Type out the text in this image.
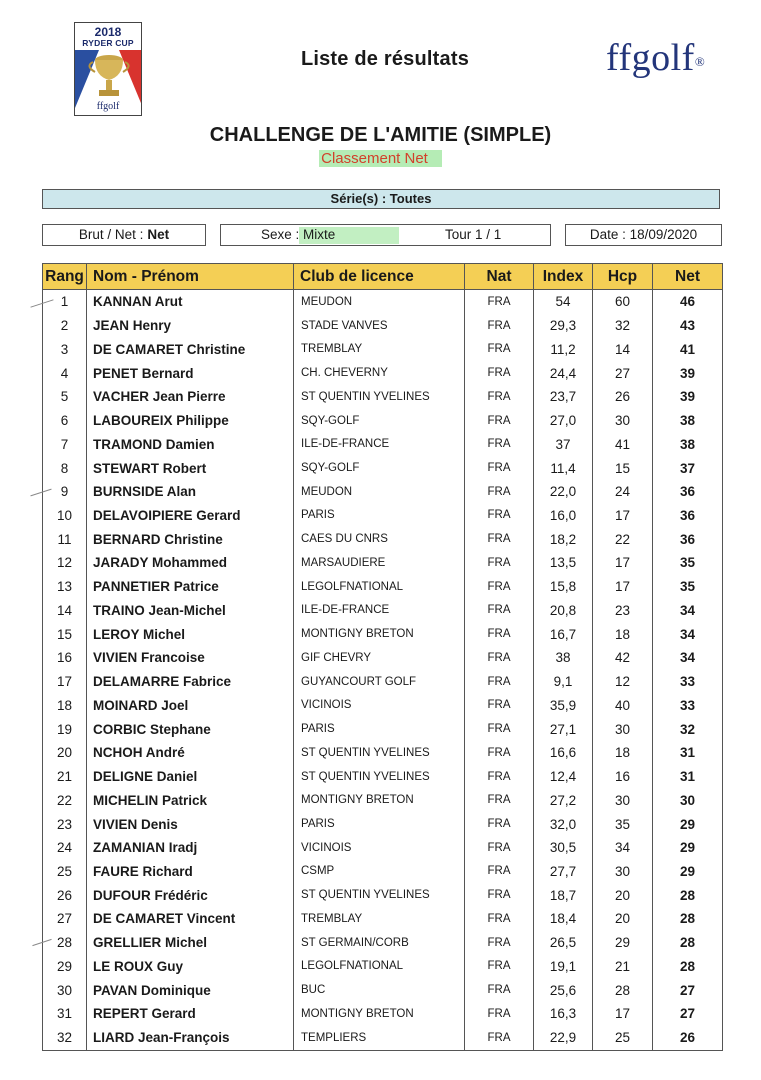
2018
RYDER CUP
ffgolf
Liste de résultats	ffgolf®
CHALLENGE DE L'AMITIE (SIMPLE)
Classement Net
Série(s) : Toutes
Brut / Net : Net	Sexe : Mixte	Tour 1 / 1	Date : 18/09/2020
Rang	Nom - Prénom	Club de licence	Nat	Index	Hcp	Net
1	KANNAN Arut	MEUDON	FRA	54	60	46
2	JEAN Henry	STADE VANVES	FRA	29,3	32	43
3	DE CAMARET Christine	TREMBLAY	FRA	11,2	14	41
4	PENET Bernard	CH. CHEVERNY	FRA	24,4	27	39
5	VACHER Jean Pierre	ST QUENTIN YVELINES	FRA	23,7	26	39
6	LABOUREIX Philippe	SQY-GOLF	FRA	27,0	30	38
7	TRAMOND Damien	ILE-DE-FRANCE	FRA	37	41	38
8	STEWART Robert	SQY-GOLF	FRA	11,4	15	37
9	BURNSIDE Alan	MEUDON	FRA	22,0	24	36
10	DELAVOIPIERE Gerard	PARIS	FRA	16,0	17	36
11	BERNARD Christine	CAES DU CNRS	FRA	18,2	22	36
12	JARADY Mohammed	MARSAUDIERE	FRA	13,5	17	35
13	PANNETIER Patrice	LEGOLFNATIONAL	FRA	15,8	17	35
14	TRAINO Jean-Michel	ILE-DE-FRANCE	FRA	20,8	23	34
15	LEROY Michel	MONTIGNY BRETON	FRA	16,7	18	34
16	VIVIEN Francoise	GIF CHEVRY	FRA	38	42	34
17	DELAMARRE Fabrice	GUYANCOURT GOLF	FRA	9,1	12	33
18	MOINARD Joel	VICINOIS	FRA	35,9	40	33
19	CORBIC Stephane	PARIS	FRA	27,1	30	32
20	NCHOH André	ST QUENTIN YVELINES	FRA	16,6	18	31
21	DELIGNE Daniel	ST QUENTIN YVELINES	FRA	12,4	16	31
22	MICHELIN Patrick	MONTIGNY BRETON	FRA	27,2	30	30
23	VIVIEN Denis	PARIS	FRA	32,0	35	29
24	ZAMANIAN Iradj	VICINOIS	FRA	30,5	34	29
25	FAURE Richard	CSMP	FRA	27,7	30	29
26	DUFOUR Frédéric	ST QUENTIN YVELINES	FRA	18,7	20	28
27	DE CAMARET Vincent	TREMBLAY	FRA	18,4	20	28
28	GRELLIER Michel	ST GERMAIN/CORB	FRA	26,5	29	28
29	LE ROUX Guy	LEGOLFNATIONAL	FRA	19,1	21	28
30	PAVAN Dominique	BUC	FRA	25,6	28	27
31	REPERT Gerard	MONTIGNY BRETON	FRA	16,3	17	27
32	LIARD Jean-François	TEMPLIERS	FRA	22,9	25	26
